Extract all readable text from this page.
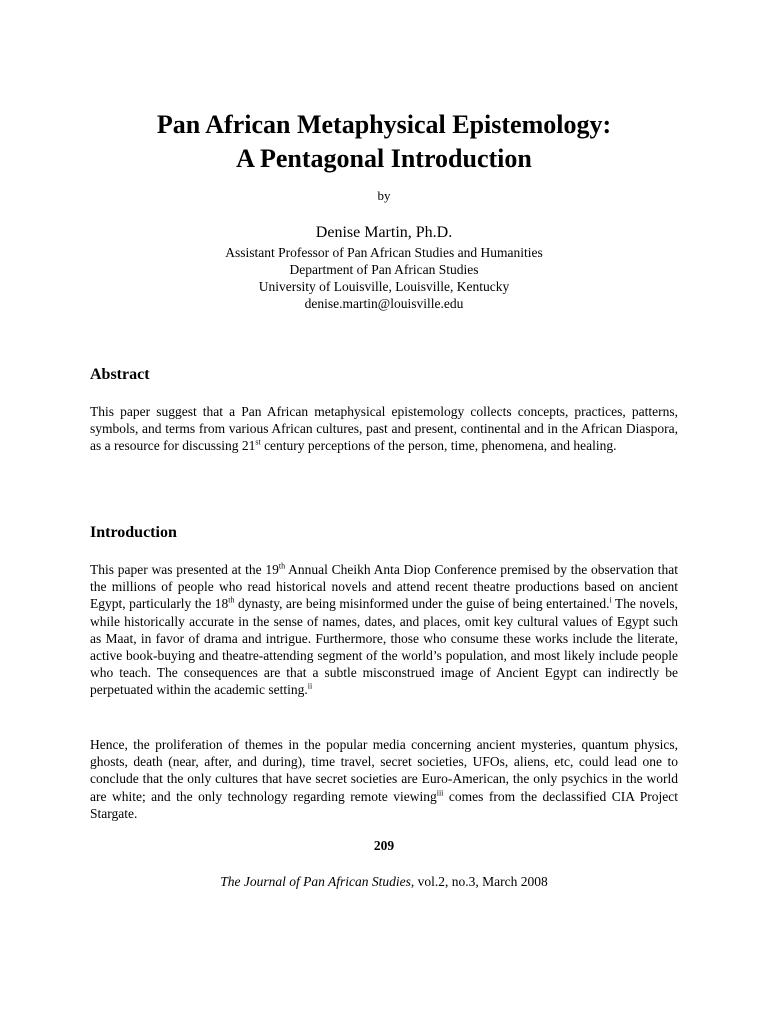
Pan African Metaphysical Epistemology:
A Pentagonal Introduction
by
Denise Martin, Ph.D.
Assistant Professor of Pan African Studies and Humanities
Department of Pan African Studies
University of Louisville, Louisville, Kentucky
denise.martin@louisville.edu
Abstract

This paper suggest that a Pan African metaphysical epistemology collects concepts, practices, patterns, symbols, and terms from various African cultures, past and present, continental and in the African Diaspora, as a resource for discussing 21st century perceptions of the person, time, phenomena, and healing.

Introduction

This paper was presented at the 19th Annual Cheikh Anta Diop Conference premised by the observation that the millions of people who read historical novels and attend recent theatre productions based on ancient Egypt, particularly the 18th dynasty, are being misinformed under the guise of being entertained.$^i$ The novels, while historically accurate in the sense of names, dates, and places, omit key cultural values of Egypt such as Maat, in favor of drama and intrigue. Furthermore, those who consume these works include the literate, active book-buying and theatre-attending segment of the world’s population, and most likely include people who teach. The consequences are that a subtle misconstrued image of Ancient Egypt can indirectly be perpetuated within the academic setting.$^{ii}$

Hence, the proliferation of themes in the popular media concerning ancient mysteries, quantum physics, ghosts, death (near, after, and during), time travel, secret societies, UFOs, aliens, etc, could lead one to conclude that the only cultures that have secret societies are Euro-American, the only psychics in the world are white; and the only technology regarding remote viewing$^{iii}$ comes from the declassified CIA Project Stargate.

209
The Journal of Pan African Studies, vol.2, no.3, March 2008
